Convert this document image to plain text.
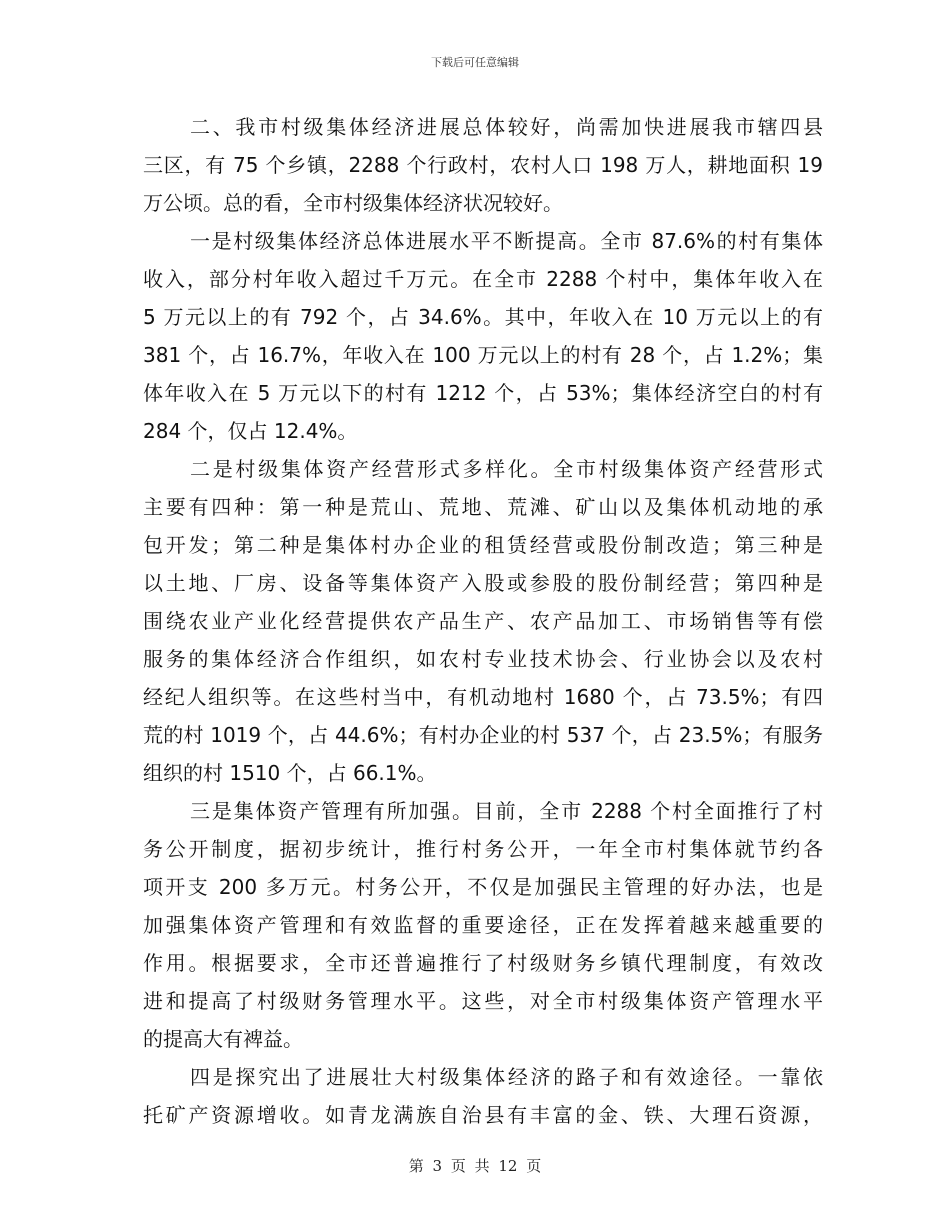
下载后可任意编辑
二、我市村级集体经济进展总体较好，尚需加快进展我市辖四县
三区，有 75 个乡镇，2288 个行政村，农村人口 198 万人，耕地面积 19
万公顷。总的看，全市村级集体经济状况较好。
一是村级集体经济总体进展水平不断提高。全市 87.6%的村有集体
收入，部分村年收入超过千万元。在全市 2288 个村中，集体年收入在
5 万元以上的有 792 个，占 34.6%。其中，年收入在 10 万元以上的有
381 个，占 16.7%，年收入在 100 万元以上的村有 28 个，占 1.2%；集
体年收入在 5 万元以下的村有 1212 个，占 53%；集体经济空白的村有
284 个，仅占 12.4%。
二是村级集体资产经营形式多样化。全市村级集体资产经营形式
主要有四种：第一种是荒山、荒地、荒滩、矿山以及集体机动地的承
包开发；第二种是集体村办企业的租赁经营或股份制改造；第三种是
以土地、厂房、设备等集体资产入股或参股的股份制经营；第四种是
围绕农业产业化经营提供农产品生产、农产品加工、市场销售等有偿
服务的集体经济合作组织，如农村专业技术协会、行业协会以及农村
经纪人组织等。在这些村当中，有机动地村 1680 个，占 73.5%；有四
荒的村 1019 个，占 44.6%；有村办企业的村 537 个，占 23.5%；有服务
组织的村 1510 个，占 66.1%。
三是集体资产管理有所加强。目前，全市 2288 个村全面推行了村
务公开制度，据初步统计，推行村务公开，一年全市村集体就节约各
项开支 200 多万元。村务公开，不仅是加强民主管理的好办法，也是
加强集体资产管理和有效监督的重要途径，正在发挥着越来越重要的
作用。根据要求，全市还普遍推行了村级财务乡镇代理制度，有效改
进和提高了村级财务管理水平。这些，对全市村级集体资产管理水平
的提高大有裨益。
四是探究出了进展壮大村级集体经济的路子和有效途径。一靠依
托矿产资源增收。如青龙满族自治县有丰富的金、铁、大理石资源，
第 3 页 共 12 页
